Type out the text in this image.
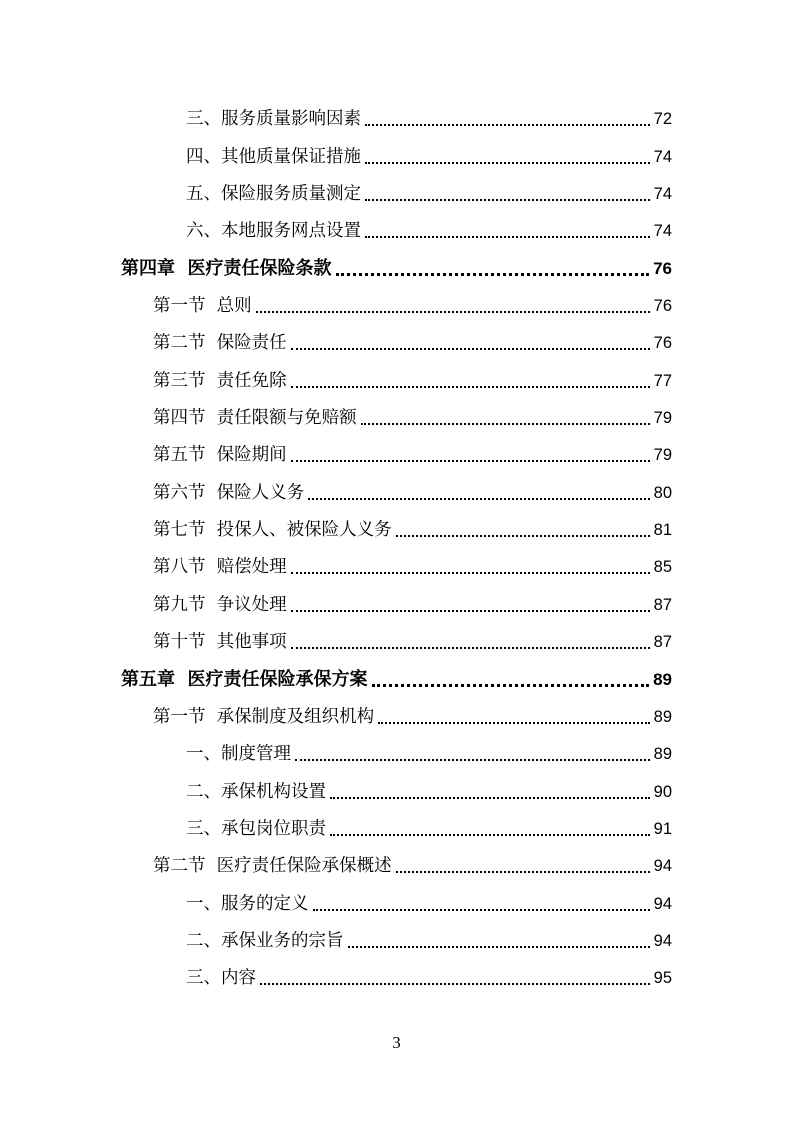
三、服务质量影响因素	72
四、其他质量保证措施	74
五、保险服务质量测定	74
六、本地服务网点设置	74
第四章  医疗责任保险条款	76
第一节  总则	76
第二节  保险责任	76
第三节  责任免除	77
第四节  责任限额与免赔额	79
第五节  保险期间	79
第六节  保险人义务	80
第七节  投保人、被保险人义务	81
第八节  赔偿处理	85
第九节  争议处理	87
第十节  其他事项	87
第五章  医疗责任保险承保方案	89
第一节  承保制度及组织机构	89
一、制度管理	89
二、承保机构设置	90
三、承包岗位职责	91
第二节  医疗责任保险承保概述	94
一、服务的定义	94
二、承保业务的宗旨	94
三、内容	95
3
